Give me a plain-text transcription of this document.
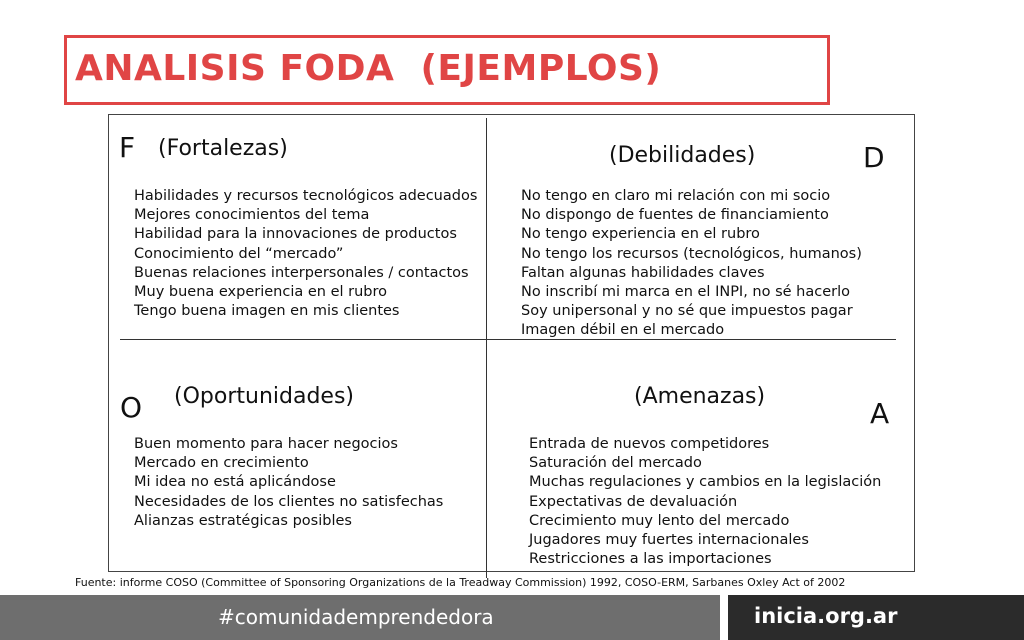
ANALISIS FODA  (EJEMPLOS)
F (Fortalezas)
Habilidades y recursos tecnológicos adecuados
Mejores conocimientos del tema
Habilidad para la innovaciones de productos
Conocimiento del “mercado”
Buenas relaciones interpersonales / contactos
Muy buena experiencia en el rubro
Tengo buena imagen en mis clientes
(Debilidades)	D
No tengo en claro mi relación con mi socio
No dispongo de fuentes de financiamiento
No tengo experiencia en el rubro
No tengo los recursos (tecnológicos, humanos)
Faltan algunas habilidades claves
No inscribí mi marca en el INPI, no sé hacerlo
Soy unipersonal y no sé que impuestos pagar
Imagen débil en el mercado
O (Oportunidades)
Buen momento para hacer negocios
Mercado en crecimiento
Mi idea no está aplicándose
Necesidades de los clientes no satisfechas
Alianzas estratégicas posibles
(Amenazas)
A
Entrada de nuevos competidores
Saturación del mercado
Muchas regulaciones y cambios en la legislación
Expectativas de devaluación
Crecimiento muy lento del mercado
Jugadores muy fuertes internacionales
Restricciones a las importaciones
Fuente: informe COSO (Committee of Sponsoring Organizations de la Treadway Commission) 1992, COSO-ERM, Sarbanes Oxley Act of 2002
#comunidademprendedora	inicia.org.ar
